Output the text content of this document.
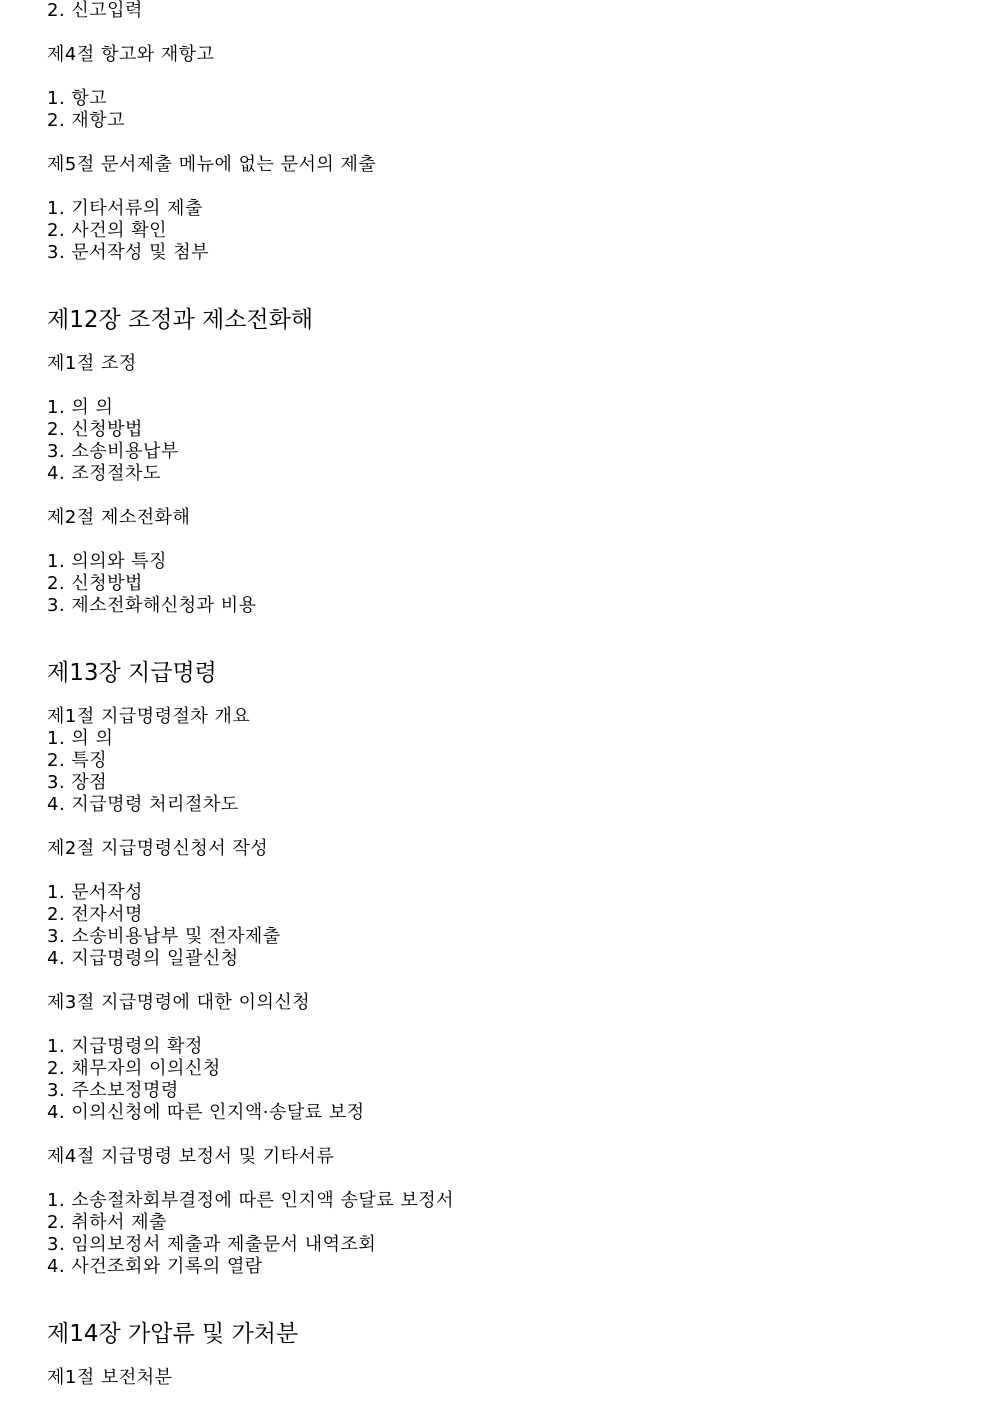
2. 신고입력
제4절 항고와 재항고
1. 항고
2. 재항고
제5절 문서제출 메뉴에 없는 문서의 제출
1. 기타서류의 제출
2. 사건의 확인
3. 문서작성 및 첨부
제12장 조정과 제소전화해
제1절 조정
1. 의 의
2. 신청방법
3. 소송비용납부
4. 조정절차도
제2절 제소전화해
1. 의의와 특징
2. 신청방법
3. 제소전화해신청과 비용
제13장 지급명령
제1절 지급명령절차 개요
1. 의 의
2. 특징
3. 장점
4. 지급명령 처리절차도
제2절 지급명령신청서 작성
1. 문서작성
2. 전자서명
3. 소송비용납부 및 전자제출
4. 지급명령의 일괄신청
제3절 지급명령에 대한 이의신청
1. 지급명령의 확정
2. 채무자의 이의신청
3. 주소보정명령
4. 이의신청에 따른 인지액·송달료 보정
제4절 지급명령 보정서 및 기타서류
1. 소송절차회부결정에 따른 인지액 송달료 보정서
2. 취하서 제출
3. 임의보정서 제출과 제출문서 내역조회
4. 사건조회와 기록의 열람
제14장 가압류 및 가처분
제1절 보전처분
